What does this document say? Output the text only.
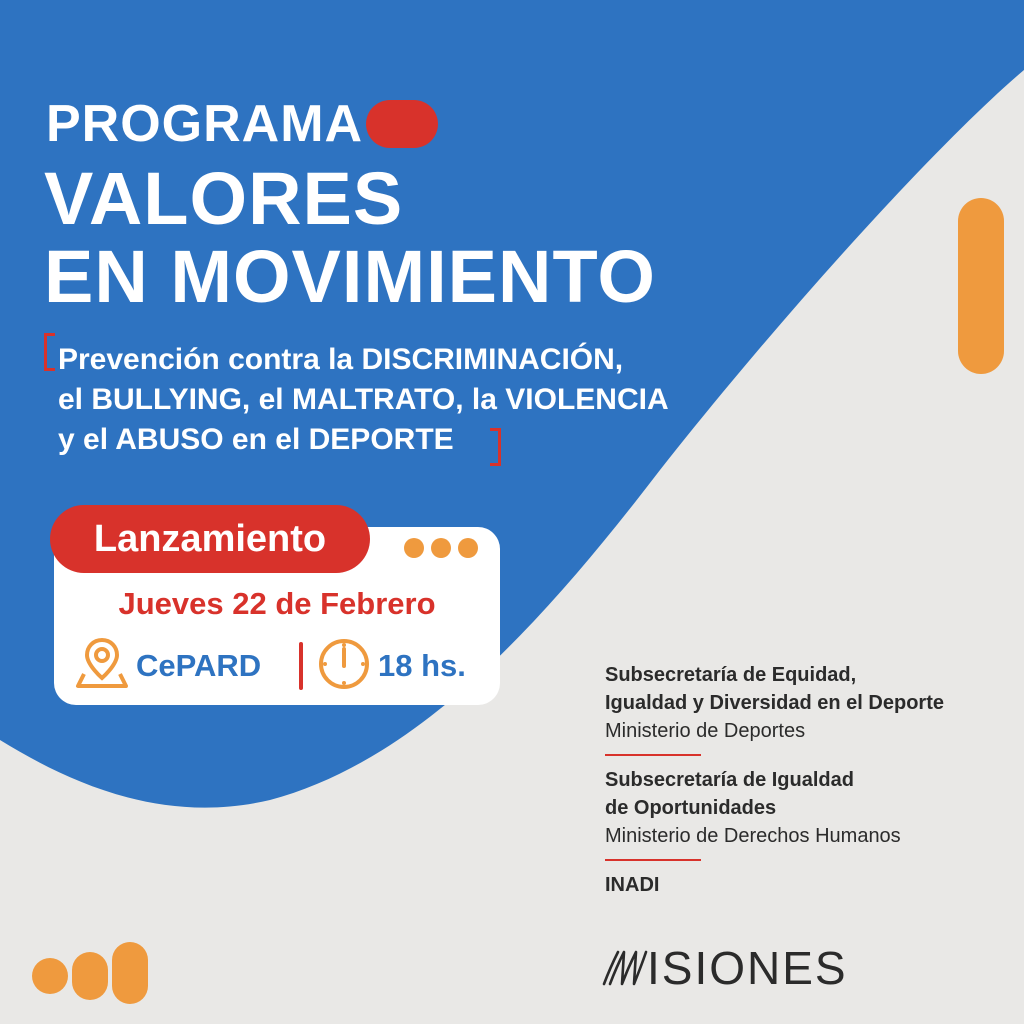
PROGRAMA
VALORES
EN MOVIMIENTO
Prevención contra la DISCRIMINACIÓN,
el BULLYING, el MALTRATO, la VIOLENCIA
y el ABUSO en el DEPORTE
Lanzamiento
Jueves 22 de Febrero
CePARD	18 hs.	Subsecretaría de Equidad,
Igualdad y Diversidad en el Deporte
Ministerio de Deportes
Subsecretaría de Igualdad
de Oportunidades
Ministerio de Derechos Humanos
INADI
ISIONES
